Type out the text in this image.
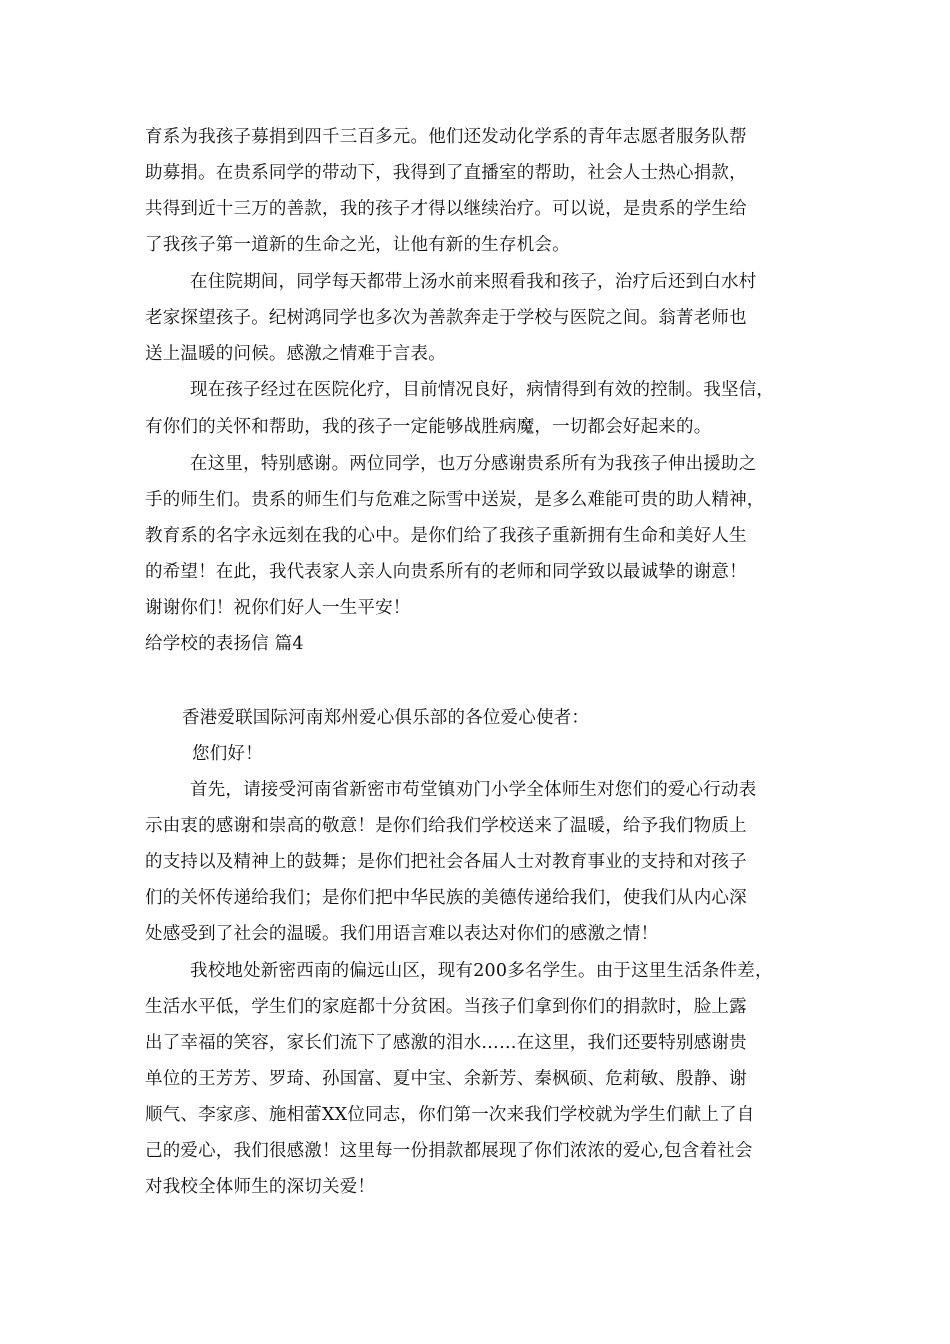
育系为我孩子募捐到四千三百多元。他们还发动化学系的青年志愿者服务队帮
助募捐。在贵系同学的带动下，我得到了直播室的帮助，社会人士热心捐款，
共得到近十三万的善款，我的孩子才得以继续治疗。可以说，是贵系的学生给
了我孩子第一道新的生命之光，让他有新的生存机会。
在住院期间，同学每天都带上汤水前来照看我和孩子，治疗后还到白水村
老家探望孩子。纪树鸿同学也多次为善款奔走于学校与医院之间。翁菁老师也
送上温暖的问候。感激之情难于言表。
现在孩子经过在医院化疗，目前情况良好，病情得到有效的控制。我坚信，
有你们的关怀和帮助，我的孩子一定能够战胜病魔，一切都会好起来的。
在这里，特别感谢。两位同学，也万分感谢贵系所有为我孩子伸出援助之
手的师生们。贵系的师生们与危难之际雪中送炭，是多么难能可贵的助人精神，
教育系的名字永远刻在我的心中。是你们给了我孩子重新拥有生命和美好人生
的希望！在此，我代表家人亲人向贵系所有的老师和同学致以最诚挚的谢意！
谢谢你们！祝你们好人一生平安！
给学校的表扬信 篇4
香港爱联国际河南郑州爱心俱乐部的各位爱心使者：
您们好！
首先，请接受河南省新密市苟堂镇劝门小学全体师生对您们的爱心行动表
示由衷的感谢和崇高的敬意！是你们给我们学校送来了温暖，给予我们物质上
的支持以及精神上的鼓舞；是你们把社会各届人士对教育事业的支持和对孩子
们的关怀传递给我们；是你们把中华民族的美德传递给我们，使我们从内心深
处感受到了社会的温暖。我们用语言难以表达对你们的感激之情！
我校地处新密西南的偏远山区，现有200多名学生。由于这里生活条件差，
生活水平低，学生们的家庭都十分贫困。当孩子们拿到你们的捐款时，脸上露
出了幸福的笑容，家长们流下了感激的泪水……在这里，我们还要特别感谢贵
单位的王芳芳、罗琦、孙国富、夏中宝、余新芳、秦枫硕、危莉敏、殷静、谢
顺气、李家彦、施相蕾XX位同志，你们第一次来我们学校就为学生们献上了自
己的爱心，我们很感激！这里每一份捐款都展现了你们浓浓的爱心,包含着社会
对我校全体师生的深切关爱！
